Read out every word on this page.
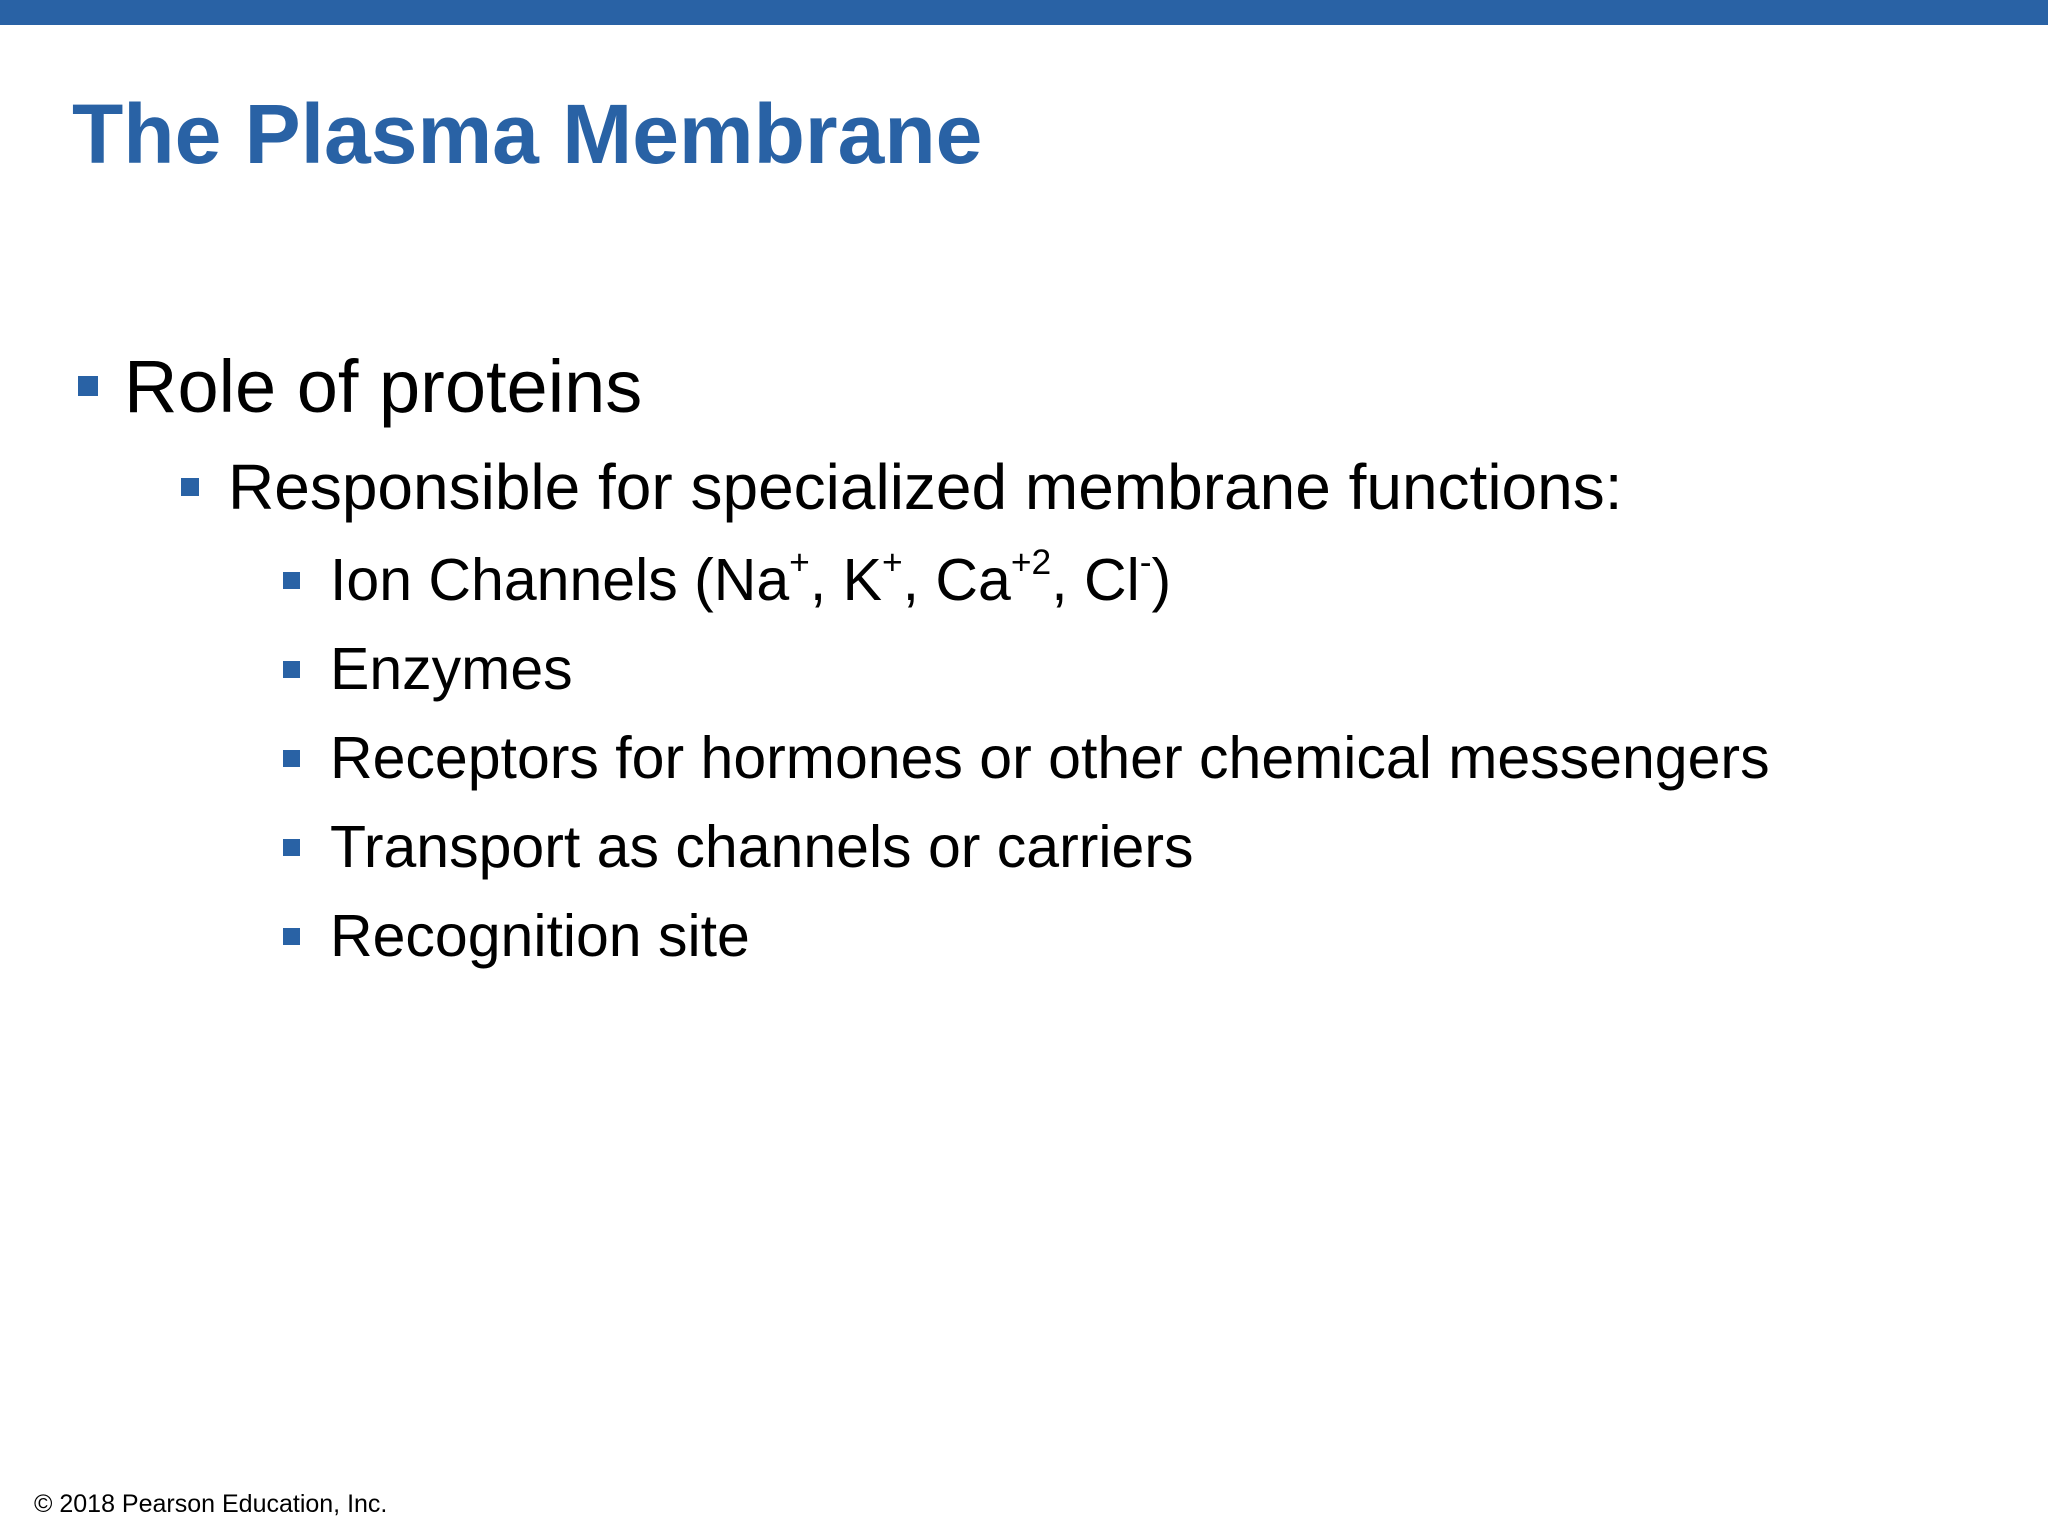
The Plasma Membrane
Role of proteins
Responsible for specialized membrane functions:
Ion Channels (Na+, K+, $Ca^{+2}$, Cl-)
Enzymes
Receptors for hormones or other chemical messengers
Transport as channels or carriers
Recognition site
© 2018 Pearson Education, Inc.
